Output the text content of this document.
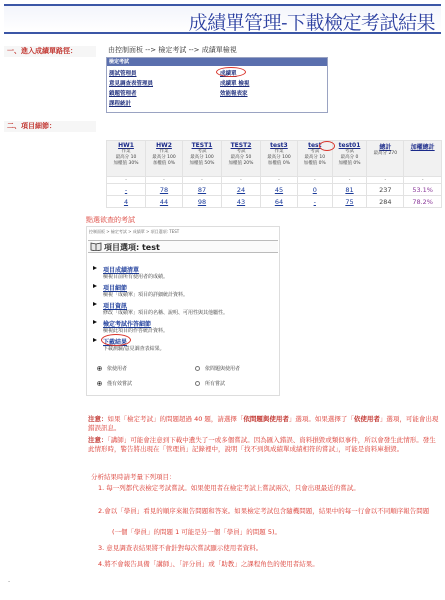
成績單管理-下載檢定考試結果
一、進入成績單路徑：	由控制面板 --> 檢定考試 --> 成績單檢視
檢定考試
測試管理員	成績單
意見調查表管理員	成績單 檢視
鎖題管理者	效能報表家
課程統計
二、項目細節：
HW1
作業
最高分 10
加權值 30%	HW2
作業
最高分 100
加權值 0%	TEST1
考試
最高分 100
加權值 50%	TEST2
考試
最高分 50
加權值 20%	test3
作業
最高分 100
加權值 0%	test
考試
最高分 10
加權值 0%	test01
考試
最高分 0
加權值 0%	總計
最高分 270	加權總計

-	-	-	-	-	-	-	-	-
-	78	87	24	45	0	81	237	53.1%
4	44	98	43	64	-	75	284	78.2%
點選欲查的考試
控制面板 > 檢定考試 > 成績單 > 項目選項: TEST
項目選項: test
項目成績清單
檢視目前所有使用者的成績。
項目細節
檢視「成績單」項目的詳細統計資料。
項目資訊
修改「成績單」項目的名稱、說明、可用性與其他屬性。
檢定考試作答細節
檢視此項目的作答統計資料。
下載結果
下載測驗/意見調查表結果。
依使用者	依問題與使用者
僅有效嘗試	所有嘗試
注意：如果「檢定考試」的問題超過 40 題，請選擇「依問題與使用者」選項。如果選擇了「依使用者」選項，可能會出現錯誤訊息。
注意：「講師」可能會注意到下載中遺失了一或多個嘗試。因為匯入錯誤、資料損毀或類似事件，所以會發生此情形。發生此情形時，警告將出現在「管理員」記錄裡中，說明「找不到與成績單成績相符的嘗試」，可能是資料庫損毀。
分析結果時請考量下列項目：
1. 每一列都代表檢定考試嘗試。如果使用者在檢定考試上嘗試兩次，只會出現最近的嘗試。
2.會以「學員」看見的順序來報告問題和答案。如果檢定考試包含隨機問題，結果中的每一行會以不同順序報告問題
(一個「學員」的問題 1 可能是另一個「學員」的問題 5)。
3. 意見調查表結果將不會針對每次嘗試顯示使用者資料。
4.將不會報告具備「講師」、「評分員」或「助教」之課程角色的使用者結果。
-
